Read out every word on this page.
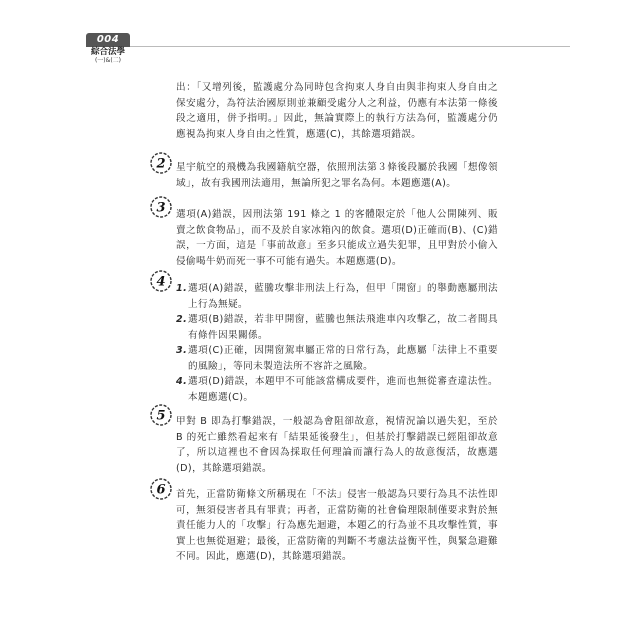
004
綜合法學
(一)&(二)

出：「又增列後，監護處分為同時包含拘束人身自由與非拘束人身自由之保安處分，為符法治國原則並兼顧受處分人之利益，仍應有本法第一條後段之適用，併予指明。」因此，無論實際上的執行方法為何，監護處分仍應視為拘束人身自由之性質，應選(C)，其餘選項錯誤。

2 星宇航空的飛機為我國籍航空器，依照刑法第３條後段屬於我國「想像領域」，故有我國刑法適用，無論所犯之罪名為何。本題應選(A)。

3 選項(A)錯誤，因刑法第 191 條之 1 的客體限定於「他人公開陳列、販賣之飲食物品」，而不及於自家冰箱內的飲食。選項(D)正確而(B)、(C)錯誤，一方面，這是「事前故意」至多只能成立過失犯罪，且甲對於小偷入侵偷喝牛奶而死一事不可能有過失。本題應選(D)。

4 1. 選項(A)錯誤，藍騰攻擊非刑法上行為，但甲「開窗」的舉動應屬刑法上行為無疑。
2. 選項(B)錯誤，若非甲開窗，藍騰也無法飛進車內攻擊乙，故二者間具有條件因果關係。
3. 選項(C)正確，因開窗駕車屬正常的日常行為，此應屬「法律上不重要的風險」，等同未製造法所不容許之風險。
4. 選項(D)錯誤，本題甲不可能該當構成要件，進而也無從審查違法性。本題應選(C)。
5 甲對 B 即為打擊錯誤，一般認為會阻卻故意，視情況論以過失犯，至於 B 的死亡雖然看起來有「結果延後發生」，但基於打擊錯誤已經阻卻故意了，所以這裡也不會因為採取任何理論而讓行為人的故意復活，故應選(D)，其餘選項錯誤。

6 首先，正當防衛條文所稱現在「不法」侵害一般認為只要行為具不法性即可，無須侵害者具有罪責；再者，正當防衛的社會倫理限制僅要求對於無責任能力人的「攻擊」行為應先迴避，本題乙的行為並不具攻擊性質，事實上也無從迴避；最後，正當防衛的判斷不考慮法益衡平性，與緊急避難不同。因此，應選(D)，其餘選項錯誤。
